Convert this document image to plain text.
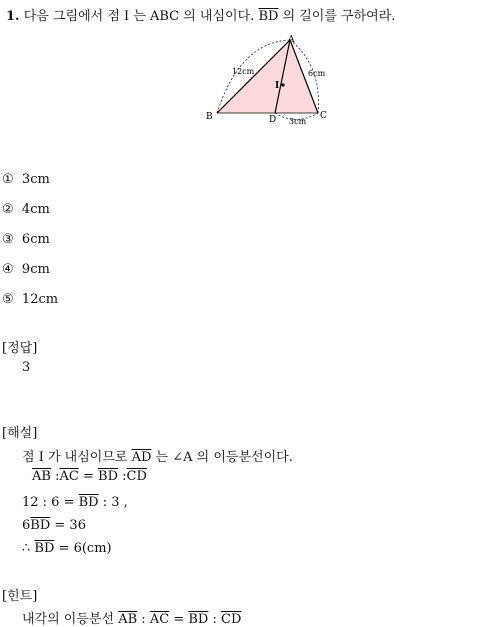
1. 다음 그림에서 점 I 는 ABC 의 내심이다. $\overline{BD}$ 의 길이를 구하여라.
A
B	C
D
I
12cm	6cm
3cm
① 3cm
② 4cm
③ 6cm
④ 9cm
⑤ 12cm
[정답]
3
[해설]
점 I 가 내심이므로 $\overline{AD}$ 는 ∠A 의 이등분선이다.
$\overline{AB}$ $:\overline{AC} = \overline{BD}$ $:\overline{CD}$
12 : $6 = \overline{BD}$ : 3 ,
$6\overline{BD} = 36$
∴ $\overline{BD} = 6(cm)$
[힌트]
내각의 이등분선 $\overline{AB}$ : $\overline{AC} = \overline{BD}$ : $\overline{CD}$
